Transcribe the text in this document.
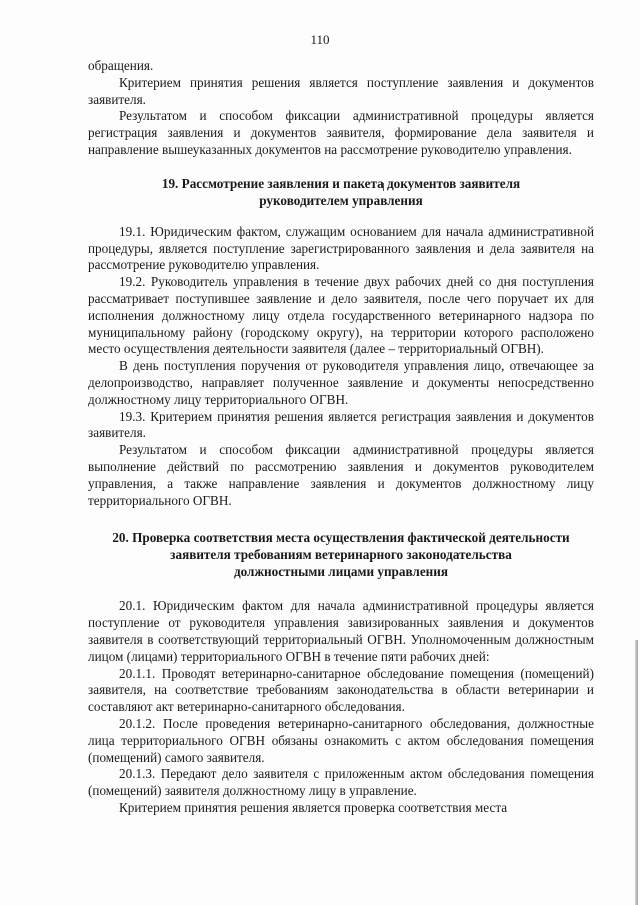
110

обращения.

Критерием принятия решения является поступление заявления и документов заявителя.

Результатом и способом фиксации административной процедуры является регистрация заявления и документов заявителя, формирование дела заявителя и направление вышеуказанных документов на рассмотрение руководителю управления.

19. Рассмотрение заявления и пакета документов заявителя

руководителем управления

19.1. Юридическим фактом, служащим основанием для начала административной процедуры, является поступление зарегистрированного заявления и дела заявителя на рассмотрение руководителю управления.

19.2. Руководитель управления в течение двух рабочих дней со дня поступления рассматривает поступившее заявление и дело заявителя, после чего поручает их для исполнения должностному лицу отдела государственного ветеринарного надзора по муниципальному району (городскому округу), на территории которого расположено место осуществления деятельности заявителя (далее – территориальный ОГВН).

В день поступления поручения от руководителя управления лицо, отвечающее за делопроизводство, направляет полученное заявление и документы непосредственно должностному лицу территориального ОГВН.

19.3. Критерием принятия решения является регистрация заявления и документов заявителя.

Результатом и способом фиксации административной процедуры является выполнение действий по рассмотрению заявления и документов руководителем управления, а также направление заявления и документов должностному лицу территориального ОГВН.

20. Проверка соответствия места осуществления фактической деятельности

заявителя требованиям ветеринарного законодательства

должностными лицами управления

20.1. Юридическим фактом для начала административной процедуры является поступление от руководителя управления завизированных заявления и документов заявителя в соответствующий территориальный ОГВН. Уполномоченным должностным лицом (лицами) территориального ОГВН в течение пяти рабочих дней:

20.1.1. Проводят ветеринарно-санитарное обследование помещения (помещений) заявителя, на соответствие требованиям законодательства в области ветеринарии и составляют акт ветеринарно-санитарного обследования.

20.1.2. После проведения ветеринарно-санитарного обследования, должностные лица территориального ОГВН обязаны ознакомить с актом обследования помещения (помещений) самого заявителя.

20.1.3. Передают дело заявителя с приложенным актом обследования помещения (помещений) заявителя должностному лицу в управление.

Критерием принятия решения является проверка соответствия места
